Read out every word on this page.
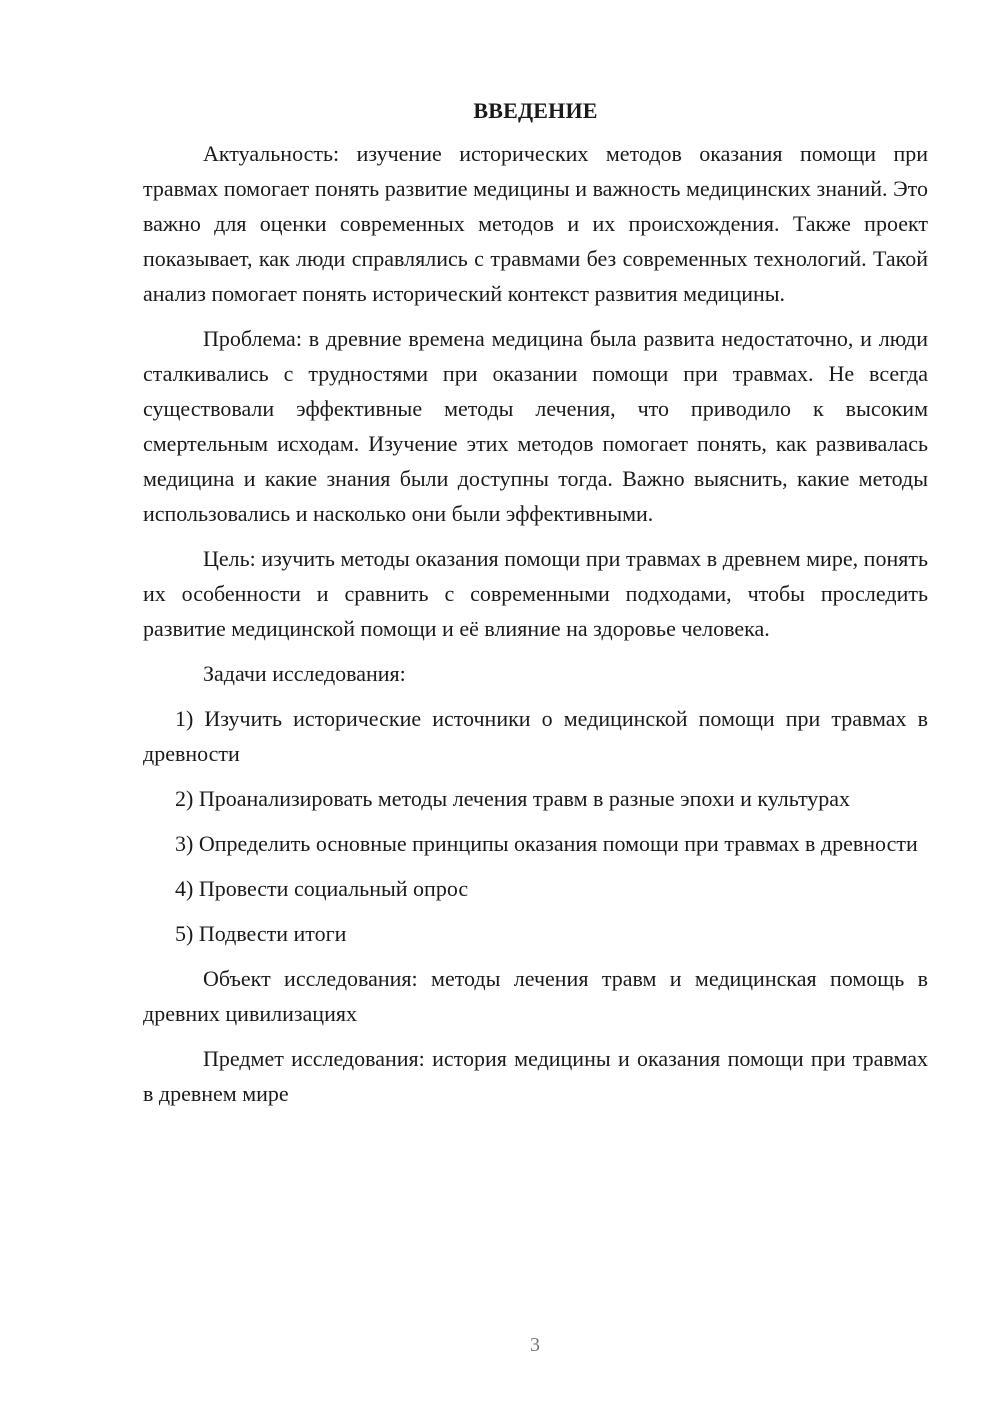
ВВЕДЕНИЕ

Актуальность: изучение исторических методов оказания помощи при травмах помогает понять развитие медицины и важность медицинских знаний. Это важно для оценки современных методов и их происхождения. Также проект показывает, как люди справлялись с травмами без современных технологий. Такой анализ помогает понять исторический контекст развития медицины.

Проблема: в древние времена медицина была развита недостаточно, и люди сталкивались с трудностями при оказании помощи при травмах. Не всегда существовали эффективные методы лечения, что приводило к высоким смертельным исходам. Изучение этих методов помогает понять, как развивалась медицина и какие знания были доступны тогда. Важно выяснить, какие методы использовались и насколько они были эффективными.

Цель: изучить методы оказания помощи при травмах в древнем мире, понять их особенности и сравнить с современными подходами, чтобы проследить развитие медицинской помощи и её влияние на здоровье человека.

Задачи исследования:

1) Изучить исторические источники о медицинской помощи при травмах в древности

2) Проанализировать методы лечения травм в разные эпохи и культурах

3) Определить основные принципы оказания помощи при травмах в древности

4) Провести социальный опрос

5) Подвести итоги

Объект исследования: методы лечения травм и медицинская помощь в древних цивилизациях

Предмет исследования: история медицины и оказания помощи при травмах в древнем мире

3
